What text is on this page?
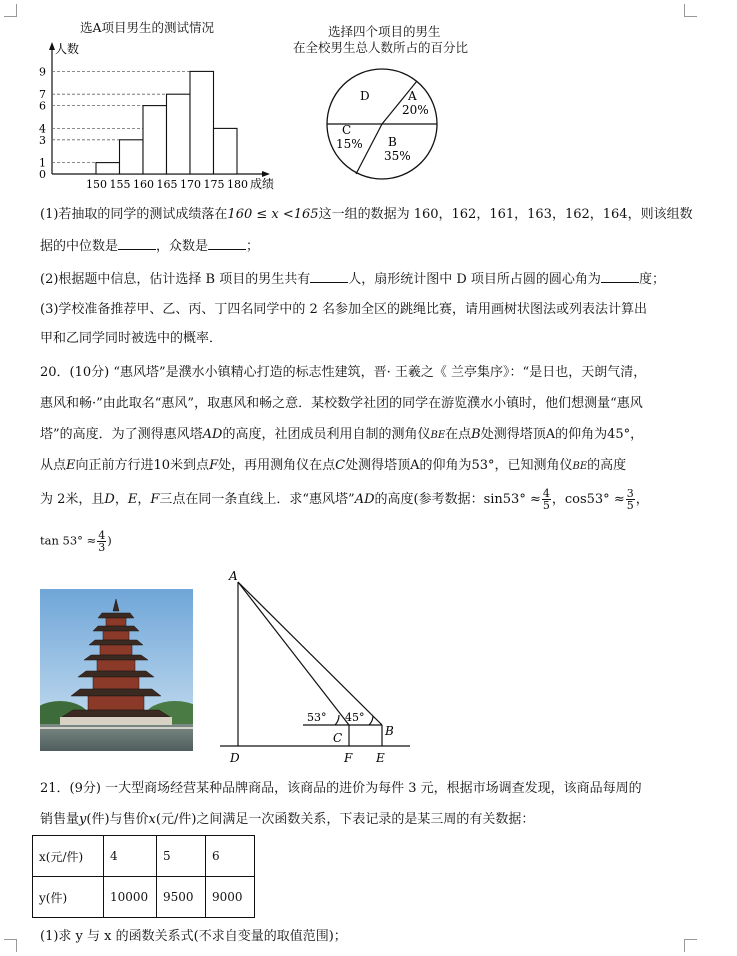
选A项目男生的测试情况
人数
成绩
0
1
3
4
6
7
9
150 155 160 165 170 175 180
选择四个项目的男生
在全校男生总人数所占的百分比
D	A
20%
C
15% B
35%
(1)若抽取的同学的测试成绩落在160 ≤ x <165这一组的数据为 160，162，161，163，162，164，则该组数
据的中位数是	，众数是	；
(2)根据题中信息，估计选择 B 项目的男生共有	人，扇形统计图中 D 项目所占圆的圆心角为	度；
(3)学校准备推荐甲、乙、丙、丁四名同学中的 2 名参加全区的跳绳比赛，请用画树状图法或列表法计算出
甲和乙同学同时被选中的概率．
20．(10分) “惠风塔”是濮水小镇精心打造的标志性建筑，晋· 王羲之《 兰亭集序》：“是日也，天朗气清，
惠风和畅·”由此取名“惠风”，取惠风和畅之意．某校数学社团的同学在游览濮水小镇时，他们想测量“惠风
塔”的高度．为了测得惠风塔AD的高度，社团成员利用自制的测角仪BE在点B处测得塔顶A的仰角为45°，
从点E向正前方行进10米到点F处，再用测角仪在点C处测得塔顶A的仰角为53°，已知测角仪BE的高度
为 2米，且D，E，F三点在同一条直线上．求“惠风塔”AD的高度(参考数据：$\sin 53^\circ \approx \frac{4}{5}$ ，$\cos 53^\circ \approx \frac{3}{5}$ ，
$\tan 53^\circ \approx \frac{4}{3}$ )
A
D
C
F
B
E
53° 45°
21．(9分) 一大型商场经营某种品牌商品，该商品的进价为每件 3 元，根据市场调查发现，该商品每周的
销售量y(件)与售价x(元/件)之间满足一次函数关系，下表记录的是某三周的有关数据：
x(元/件)	4	5	6
y(件)	10000	9500	9000
(1)求 y 与 x 的函数关系式(不求自变量的取值范围)；
